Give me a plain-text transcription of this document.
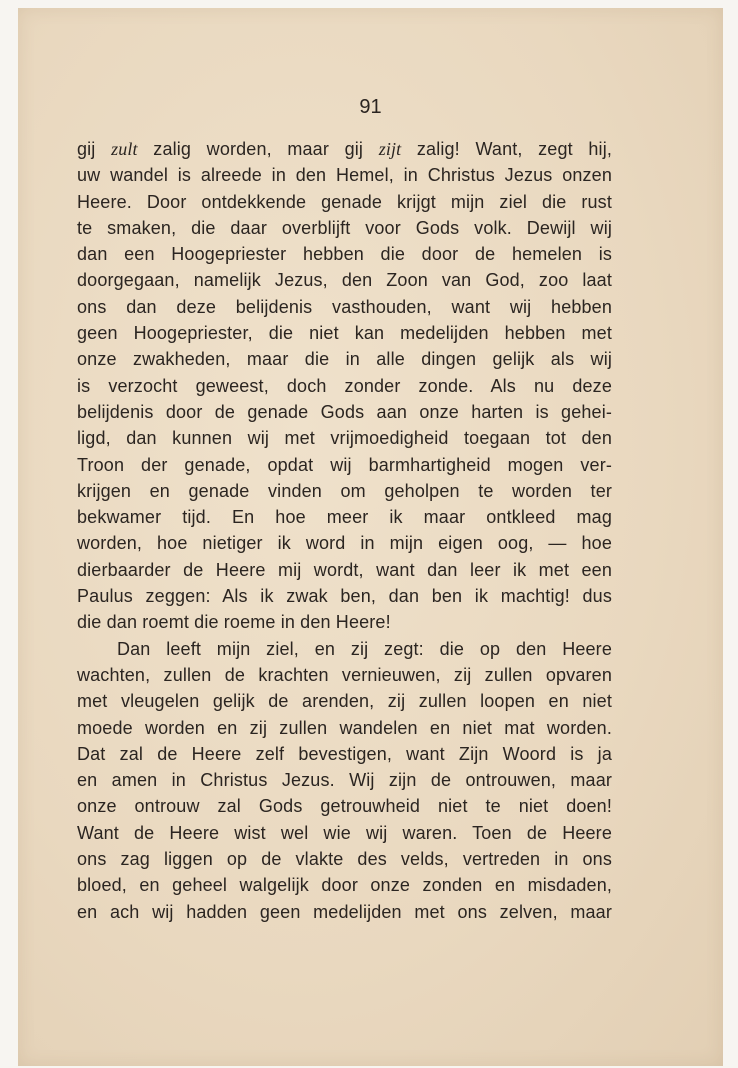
91
gij zult zalig worden, maar gij zijt zalig! Want, zegt hij,
uw wandel is alreede in den Hemel, in Christus Jezus onzen
Heere. Door ontdekkende genade krijgt mijn ziel die rust
te smaken, die daar overblijft voor Gods volk. Dewijl wij
dan een Hoogepriester hebben die door de hemelen is
doorgegaan, namelijk Jezus, den Zoon van God, zoo laat
ons dan deze belijdenis vasthouden, want wij hebben
geen Hoogepriester, die niet kan medelijden hebben met
onze zwakheden, maar die in alle dingen gelijk als wij
is verzocht geweest, doch zonder zonde. Als nu deze
belijdenis door de genade Gods aan onze harten is gehei-
ligd, dan kunnen wij met vrijmoedigheid toegaan tot den
Troon der genade, opdat wij barmhartigheid mogen ver-
krijgen en genade vinden om geholpen te worden ter
bekwamer tijd. En hoe meer ik maar ontkleed mag
worden, hoe nietiger ik word in mijn eigen oog, — hoe
dierbaarder de Heere mij wordt, want dan leer ik met een
Paulus zeggen: Als ik zwak ben, dan ben ik machtig! dus
die dan roemt die roeme in den Heere!
Dan leeft mijn ziel, en zij zegt: die op den Heere
wachten, zullen de krachten vernieuwen, zij zullen opvaren
met vleugelen gelijk de arenden, zij zullen loopen en niet
moede worden en zij zullen wandelen en niet mat worden.
Dat zal de Heere zelf bevestigen, want Zijn Woord is ja
en amen in Christus Jezus. Wij zijn de ontrouwen, maar
onze ontrouw zal Gods getrouwheid niet te niet doen!
Want de Heere wist wel wie wij waren. Toen de Heere
ons zag liggen op de vlakte des velds, vertreden in ons
bloed, en geheel walgelijk door onze zonden en misdaden,
en ach wij hadden geen medelijden met ons zelven, maar
